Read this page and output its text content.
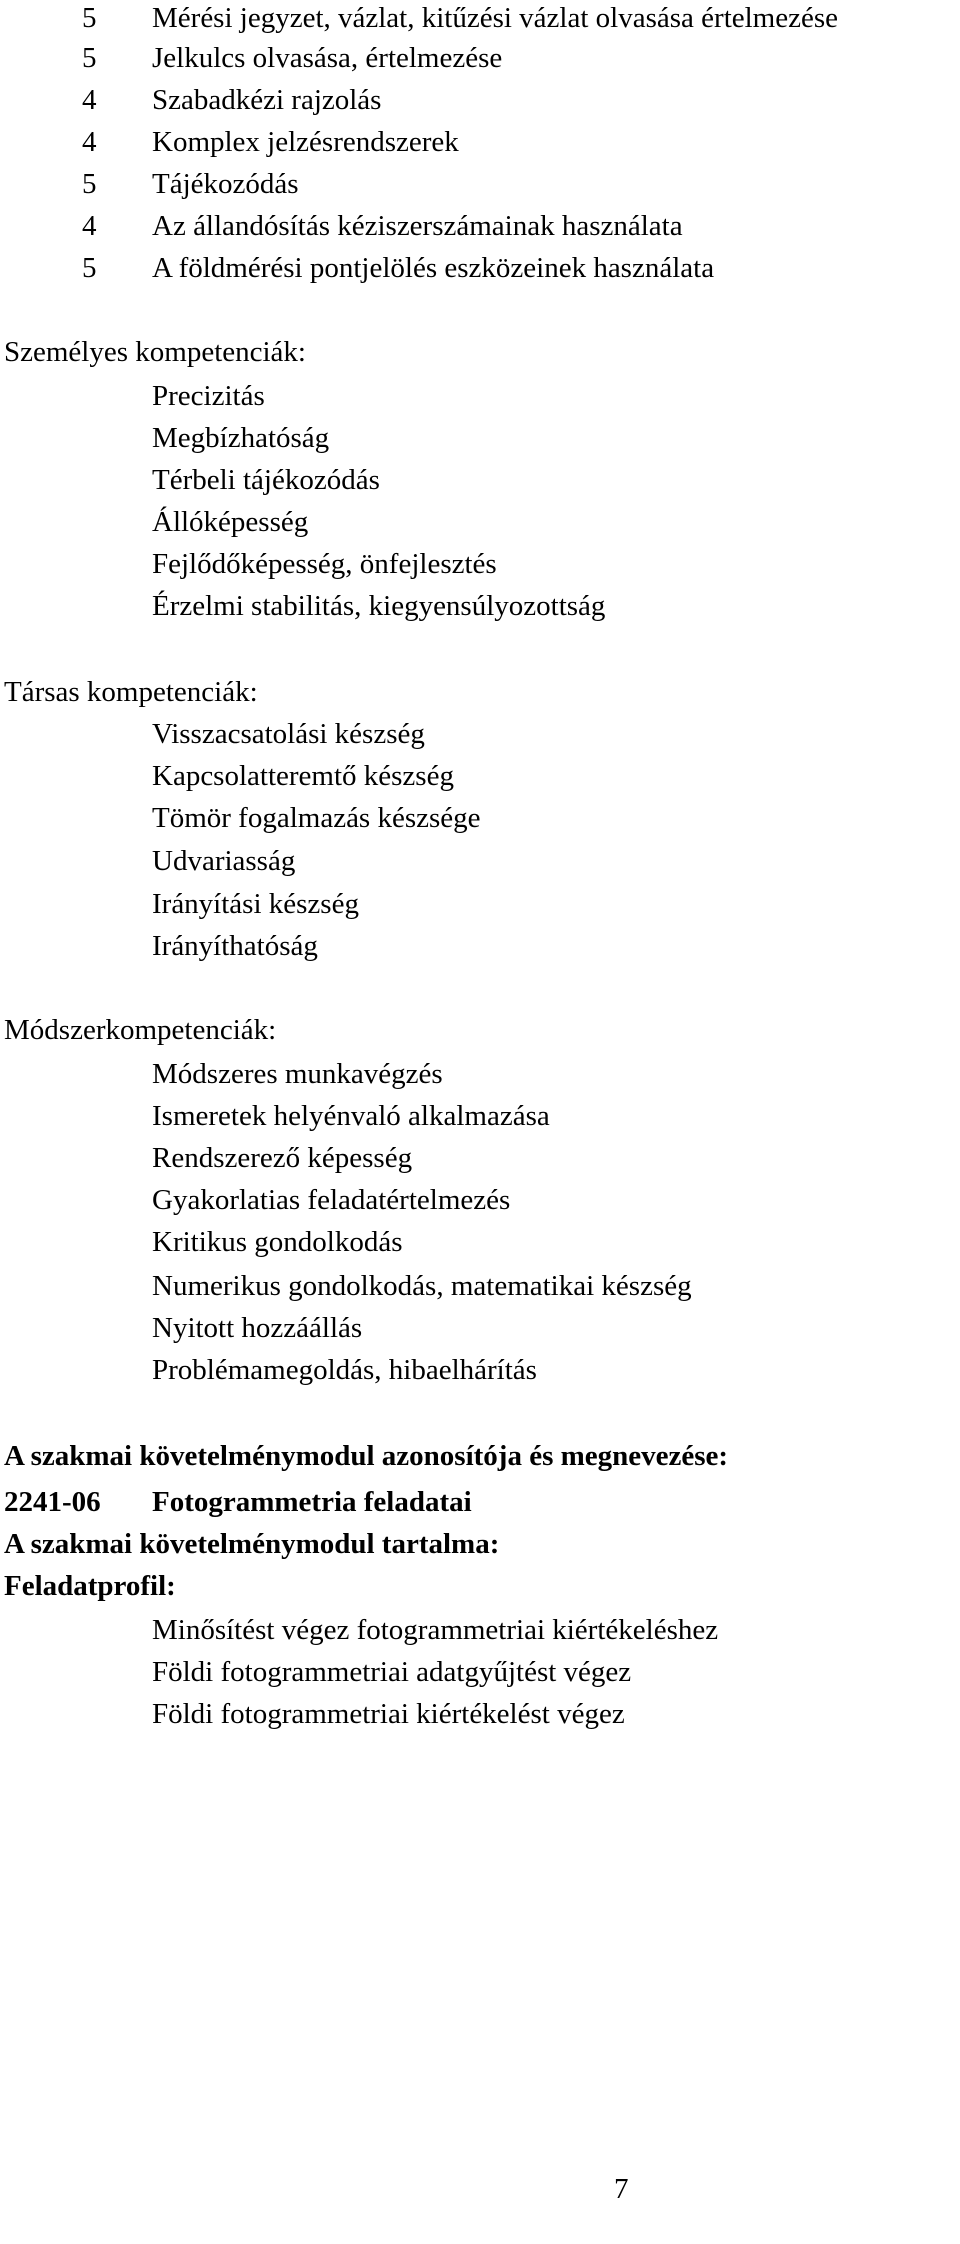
5	Mérési jegyzet, vázlat, kitűzési vázlat olvasása értelmezése
5	Jelkulcs olvasása, értelmezése
4	Szabadkézi rajzolás
4	Komplex jelzésrendszerek
5	Tájékozódás
4	Az állandósítás kéziszerszámainak használata
5	A földmérési pontjelölés eszközeinek használata
Személyes kompetenciák:
Precizitás
Megbízhatóság
Térbeli tájékozódás
Állóképesség
Fejlődőképesség, önfejlesztés
Érzelmi stabilitás, kiegyensúlyozottság
Társas kompetenciák:
Visszacsatolási készség
Kapcsolatteremtő készség
Tömör fogalmazás készsége
Udvariasság
Irányítási készség
Irányíthatóság
Módszerkompetenciák:
Módszeres munkavégzés
Ismeretek helyénvaló alkalmazása
Rendszerező képesség
Gyakorlatias feladatértelmezés
Kritikus gondolkodás
Numerikus gondolkodás, matematikai készség
Nyitott hozzáállás
Problémamegoldás, hibaelhárítás
A szakmai követelménymodul azonosítója és megnevezése:
2241-06 Fotogrammetria feladatai
A szakmai követelménymodul tartalma:
Feladatprofil:
Minősítést végez fotogrammetriai kiértékeléshez
Földi fotogrammetriai adatgyűjtést végez
Földi fotogrammetriai kiértékelést végez
7
